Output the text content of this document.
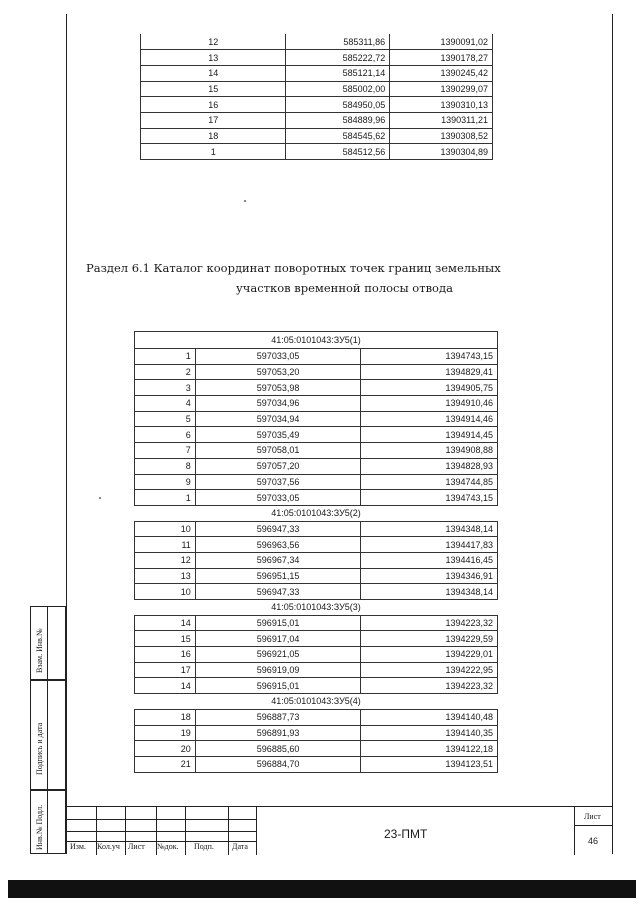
12	585311,86	1390091,02
13	585222,72	1390178,27
14	585121,14	1390245,42
15	585002,00	1390299,07
16	584950,05	1390310,13
17	584889,96	1390311,21
18	584545,62	1390308,52
1	584512,56	1390304,89
Раздел 6.1 Каталог координат поворотных точек границ земельных
участков временной полосы отвода
41:05:0101043:ЗУ5(1)		
1	597033,05	1394743,15
2	597053,20	1394829,41
3	597053,98	1394905,75
4	597034,96	1394910,46
5	597034,94	1394914,46
6	597035,49	1394914,45
7	597058,01	1394908,88
8	597057,20	1394828,93
9	597037,56	1394744,85
1	597033,05	1394743,15
41:05:0101043:ЗУ5(2)		
10	596947,33	1394348,14
11	596963,56	1394417,83
12	596967,34	1394416,45
13	596951,15	1394346,91
10	596947,33	1394348,14
41:05:0101043:ЗУ5(3)		
14	596915,01	1394223,32
15	596917,04	1394229,59
16	596921,05	1394229,01
17	596919,09	1394222,95
14	596915,01	1394223,32
41:05:0101043:ЗУ5(4)		
18	596887,73	1394140,48
19	596891,93	1394140,35
20	596885,60	1394122,18
21	596884,70	1394123,51
Взам. Инв.№
Подпись и дата
Инв.№ Подл.	Изм. Кол.уч Лист №док. Подп. Дата
23-ПМТ
Лист
46
